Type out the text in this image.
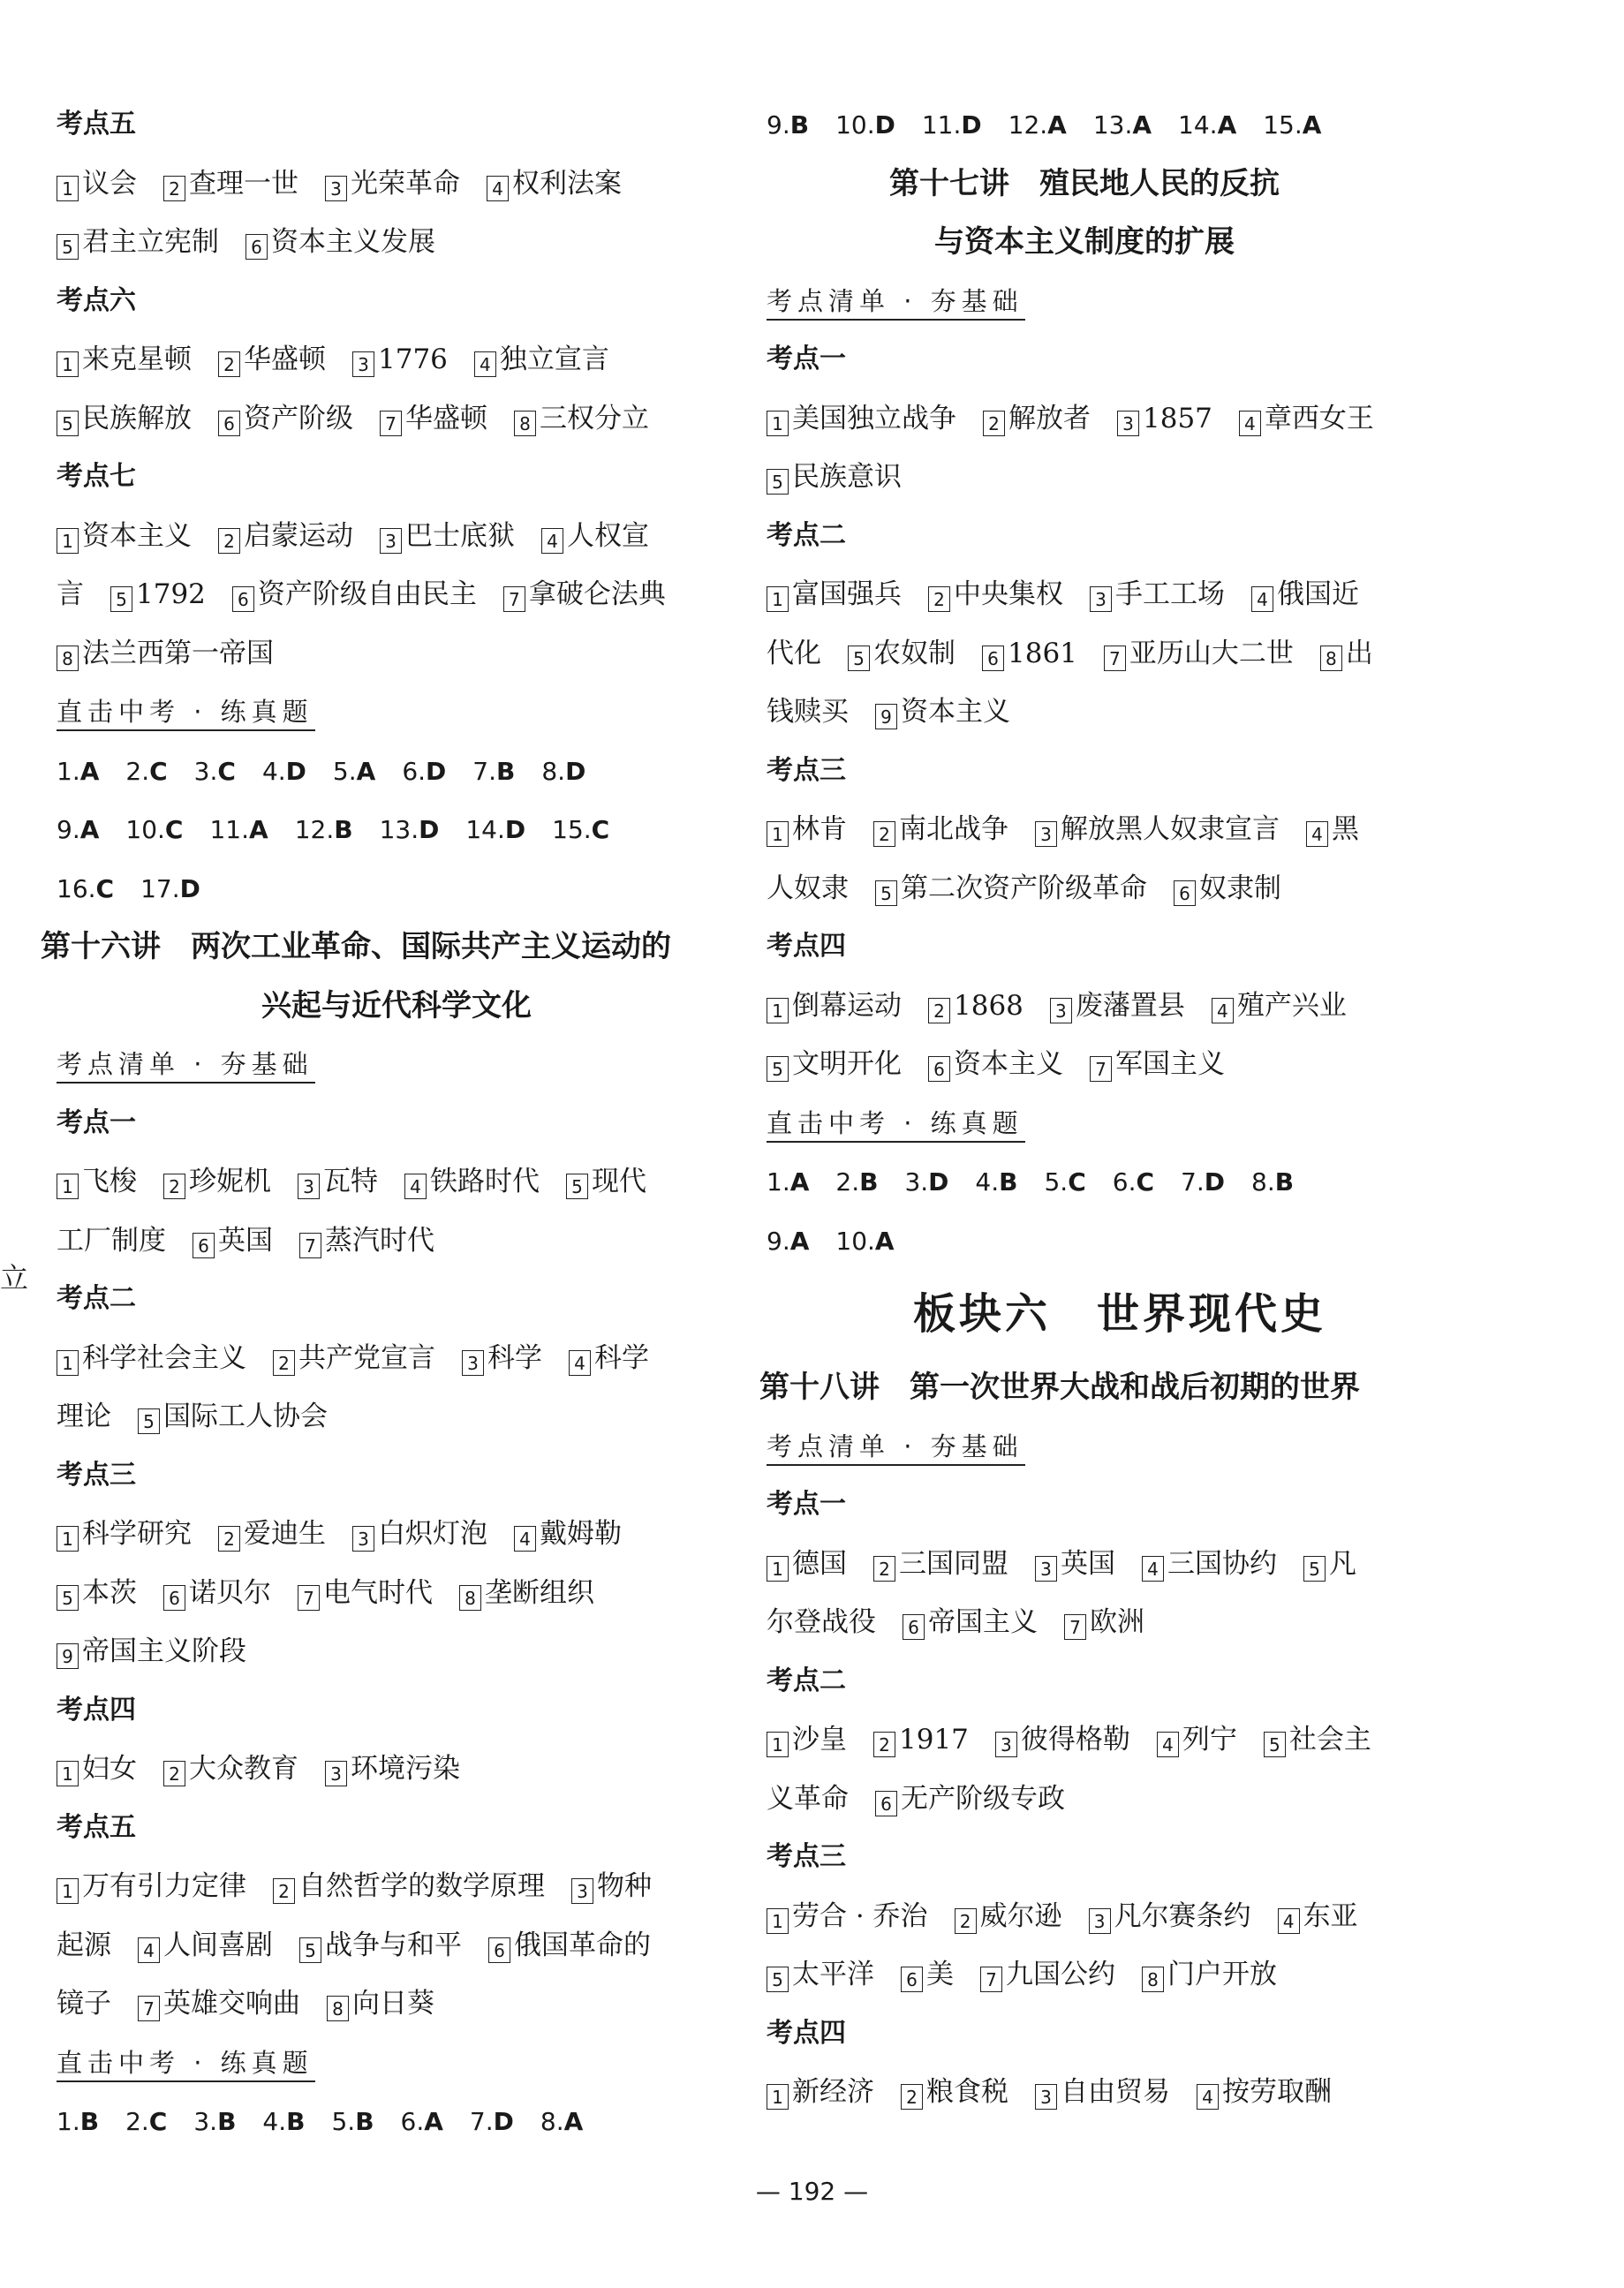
立
考点五
1 议会 2 查理一世 3 光荣革命 4 权利法案
5 君主立宪制 6 资本主义发展
考点六
1 来克星顿 2 华盛顿 3 1776 4 独立宣言
5 民族解放 6 资产阶级 7 华盛顿 8 三权分立
考点七
1 资本主义 2 启蒙运动 3 巴士底狱 4 人权宣
言 5 1792 6 资产阶级自由民主 7 拿破仑法典
8 法兰西第一帝国
直击中考 · 练真题
1.A 2.C 3.C 4.D 5.A 6.D 7.B 8.D
9.A 10.C 11.A 12.B 13.D 14.D 15.C
16.C 17.D
第十六讲　两次工业革命、国际共产主义运动的
兴起与近代科学文化
考点清单 · 夯基础
考点一
1 飞梭 2 珍妮机 3 瓦特 4 铁路时代 5 现代
工厂制度 6 英国 7 蒸汽时代
考点二
1 科学社会主义 2 共产党宣言 3 科学 4 科学
理论 5 国际工人协会
考点三
1 科学研究 2 爱迪生 3 白炽灯泡 4 戴姆勒
5 本茨 6 诺贝尔 7 电气时代 8 垄断组织
9 帝国主义阶段
考点四
1 妇女 2 大众教育 3 环境污染
考点五
1 万有引力定律 2 自然哲学的数学原理 3 物种
起源 4 人间喜剧 5 战争与和平 6 俄国革命的
镜子 7 英雄交响曲 8 向日葵
直击中考 · 练真题
1.B 2.C 3.B 4.B 5.B 6.A 7.D 8.A
9.B 10.D 11.D 12.A 13.A 14.A 15.A
第十七讲　殖民地人民的反抗
与资本主义制度的扩展
考点清单 · 夯基础
考点一
1 美国独立战争 2 解放者 3 1857 4 章西女王
5 民族意识
考点二
1 富国强兵 2 中央集权 3 手工工场 4 俄国近
代化 5 农奴制 6 1861 7 亚历山大二世 8 出
钱赎买 9 资本主义
考点三
1 林肯 2 南北战争 3 解放黑人奴隶宣言 4 黑
人奴隶 5 第二次资产阶级革命 6 奴隶制
考点四
1 倒幕运动 2 1868 3 废藩置县 4 殖产兴业
5 文明开化 6 资本主义 7 军国主义
直击中考 · 练真题
1.A 2.B 3.D 4.B 5.C 6.C 7.D 8.B
9.A 10.A
板块六　世界现代史
第十八讲　第一次世界大战和战后初期的世界
考点清单 · 夯基础
考点一
1 德国 2 三国同盟 3 英国 4 三国协约 5 凡
尔登战役 6 帝国主义 7 欧洲
考点二
1 沙皇 2 1917 3 彼得格勒 4 列宁 5 社会主
义革命 6 无产阶级专政
考点三
1 劳合 · 乔治 2 威尔逊 3 凡尔赛条约 4 东亚
5 太平洋 6 美 7 九国公约 8 门户开放
考点四
1 新经济 2 粮食税 3 自由贸易 4 按劳取酬
— 192 —
